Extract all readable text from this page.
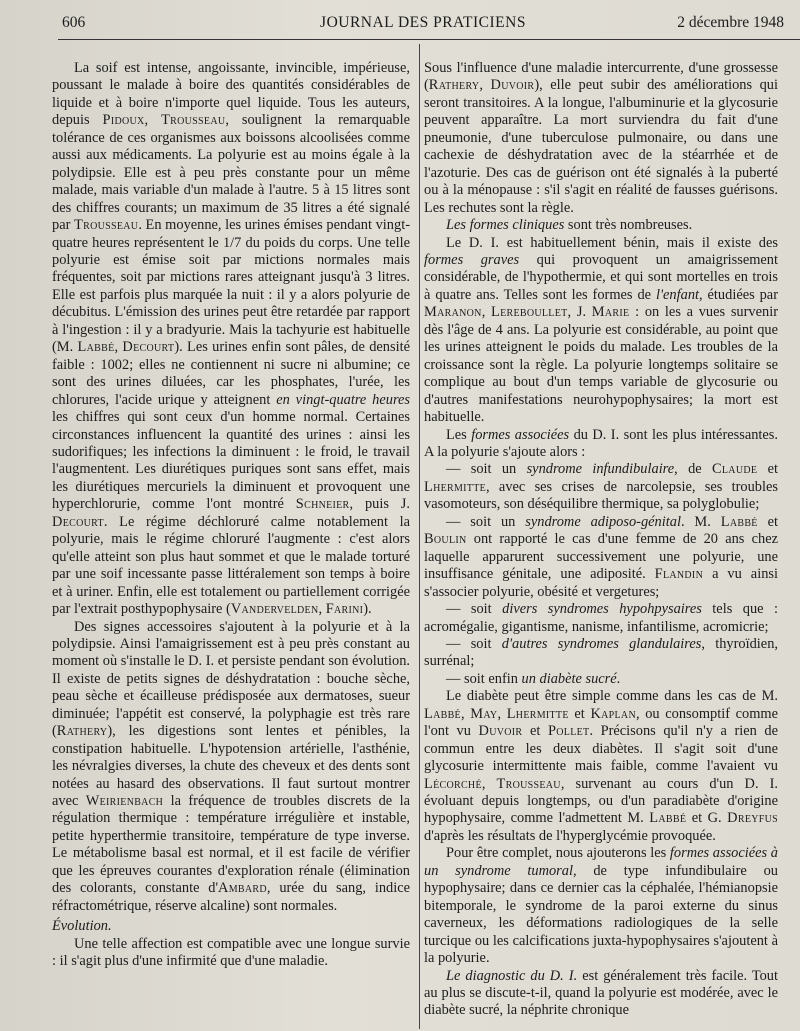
606	JOURNAL DES PRATICIENS	2 décembre 1948

La soif est intense, angoissante, invincible, impérieuse, poussant le malade à boire des quantités considérables de liquide et à boire n'importe quel liquide. Tous les auteurs, depuis Pidoux, Trousseau, soulignent la remarquable tolérance de ces organismes aux boissons alcoolisées comme aussi aux médicaments. La polyurie est au moins égale à la polydipsie. Elle est à peu près constante pour un même malade, mais variable d'un malade à l'autre. 5 à 15 litres sont des chiffres courants; un maximum de 35 litres a été signalé par Trousseau. En moyenne, les urines émises pendant vingt-quatre heures représentent le 1/7 du poids du corps. Une telle polyurie est émise soit par mictions normales mais fréquentes, soit par mictions rares atteignant jusqu'à 3 litres. Elle est parfois plus marquée la nuit : il y a alors polyurie de décubitus. L'émission des urines peut être retardée par rapport à l'ingestion : il y a bradyurie. Mais la tachyurie est habituelle (M. Labbé, Decourt). Les urines enfin sont pâles, de densité faible : 1002; elles ne contiennent ni sucre ni albumine; ce sont des urines diluées, car les phosphates, l'urée, les chlorures, l'acide urique y atteignent en vingt-quatre heures les chiffres qui sont ceux d'un homme normal. Certaines circonstances influencent la quantité des urines : ainsi les sudorifiques; les infections la diminuent : le froid, le travail l'augmentent. Les diurétiques puriques sont sans effet, mais les diurétiques mercuriels la diminuent et provoquent une hyperchlorurie, comme l'ont montré Schneier, puis J. Decourt. Le régime déchloruré calme notablement la polyurie, mais le régime chloruré l'augmente : c'est alors qu'elle atteint son plus haut sommet et que le malade torturé par une soif incessante passe littéralement son temps à boire et à uriner. Enfin, elle est totalement ou partiellement corrigée par l'extrait posthypophysaire (Vandervelden, Farini).

Des signes accessoires s'ajoutent à la polyurie et à la polydipsie. Ainsi l'amaigrissement est à peu près constant au moment où s'installe le D. I. et persiste pendant son évolution. Il existe de petits signes de déshydratation : bouche sèche, peau sèche et écailleuse prédisposée aux dermatoses, sueur diminuée; l'appétit est conservé, la polyphagie est très rare (Rathery), les digestions sont lentes et pénibles, la constipation habituelle. L'hypotension artérielle, l'asthénie, les névralgies diverses, la chute des cheveux et des dents sont notées au hasard des observations. Il faut surtout montrer avec Weirienbach la fréquence de troubles discrets de la régulation thermique : température irrégulière et instable, petite hyperthermie transitoire, température de type inverse. Le métabolisme basal est normal, et il est facile de vérifier que les épreuves courantes d'exploration rénale (élimination des colorants, constante d'Ambard, urée du sang, indice réfractométrique, réserve alcaline) sont normales.

Évolution.

Une telle affection est compatible avec une longue survie : il s'agit plus d'une infirmité que d'une maladie.

Sous l'influence d'une maladie intercurrente, d'une grossesse (Rathery, Duvoir), elle peut subir des améliorations qui seront transitoires. A la longue, l'albuminurie et la glycosurie peuvent apparaître. La mort surviendra du fait d'une pneumonie, d'une tuberculose pulmonaire, ou dans une cachexie de déshydratation avec de la stéarrhée et de l'azoturie. Des cas de guérison ont été signalés à la puberté ou à la ménopause : s'il s'agit en réalité de fausses guérisons. Les rechutes sont la règle.

Les formes cliniques sont très nombreuses.

Le D. I. est habituellement bénin, mais il existe des formes graves qui provoquent un amaigrissement considérable, de l'hypothermie, et qui sont mortelles en trois à quatre ans. Telles sont les formes de l'enfant, étudiées par Maranon, Lereboullet, J. Marie : on les a vues survenir dès l'âge de 4 ans. La polyurie est considérable, au point que les urines atteignent le poids du malade. Les troubles de la croissance sont la règle. La polyurie longtemps solitaire se complique au bout d'un temps variable de glycosurie ou d'autres manifestations neurohypophysaires; la mort est habituelle.

Les formes associées du D. I. sont les plus intéressantes. A la polyurie s'ajoute alors :

— soit un syndrome infundibulaire, de Claude et Lhermitte, avec ses crises de narcolepsie, ses troubles vasomoteurs, son déséquilibre thermique, sa polyglobulie;

— soit un syndrome adiposo-génital. M. Labbé et Boulin ont rapporté le cas d'une femme de 20 ans chez laquelle apparurent successivement une polyurie, une insuffisance génitale, une adiposité. Flandin a vu ainsi s'associer polyurie, obésité et vergetures;

— soit divers syndromes hypohpysaires tels que : acromégalie, gigantisme, nanisme, infantilisme, acromicrie;

— soit d'autres syndromes glandulaires, thyroïdien, surrénal;

— soit enfin un diabète sucré.

Le diabète peut être simple comme dans les cas de M. Labbé, May, Lhermitte et Kaplan, ou consomptif comme l'ont vu Duvoir et Pollet. Précisons qu'il n'y a rien de commun entre les deux diabètes. Il s'agit soit d'une glycosurie intermittente mais faible, comme l'avaient vu Lécorché, Trousseau, survenant au cours d'un D. I. évoluant depuis longtemps, ou d'un paradiabète d'origine hypophysaire, comme l'admettent M. Labbé et G. Dreyfus d'après les résultats de l'hyperglycémie provoquée.

Pour être complet, nous ajouterons les formes associées à un syndrome tumoral, de type infundibulaire ou hypophysaire; dans ce dernier cas la céphalée, l'hémianopsie bitemporale, le syndrome de la paroi externe du sinus caverneux, les déformations radiologiques de la selle turcique ou les calcifications juxta-hypophysaires s'ajoutent à la polyurie.

Le diagnostic du D. I. est généralement très facile. Tout au plus se discute-t-il, quand la polyurie est modérée, avec le diabète sucré, la néphrite chronique
